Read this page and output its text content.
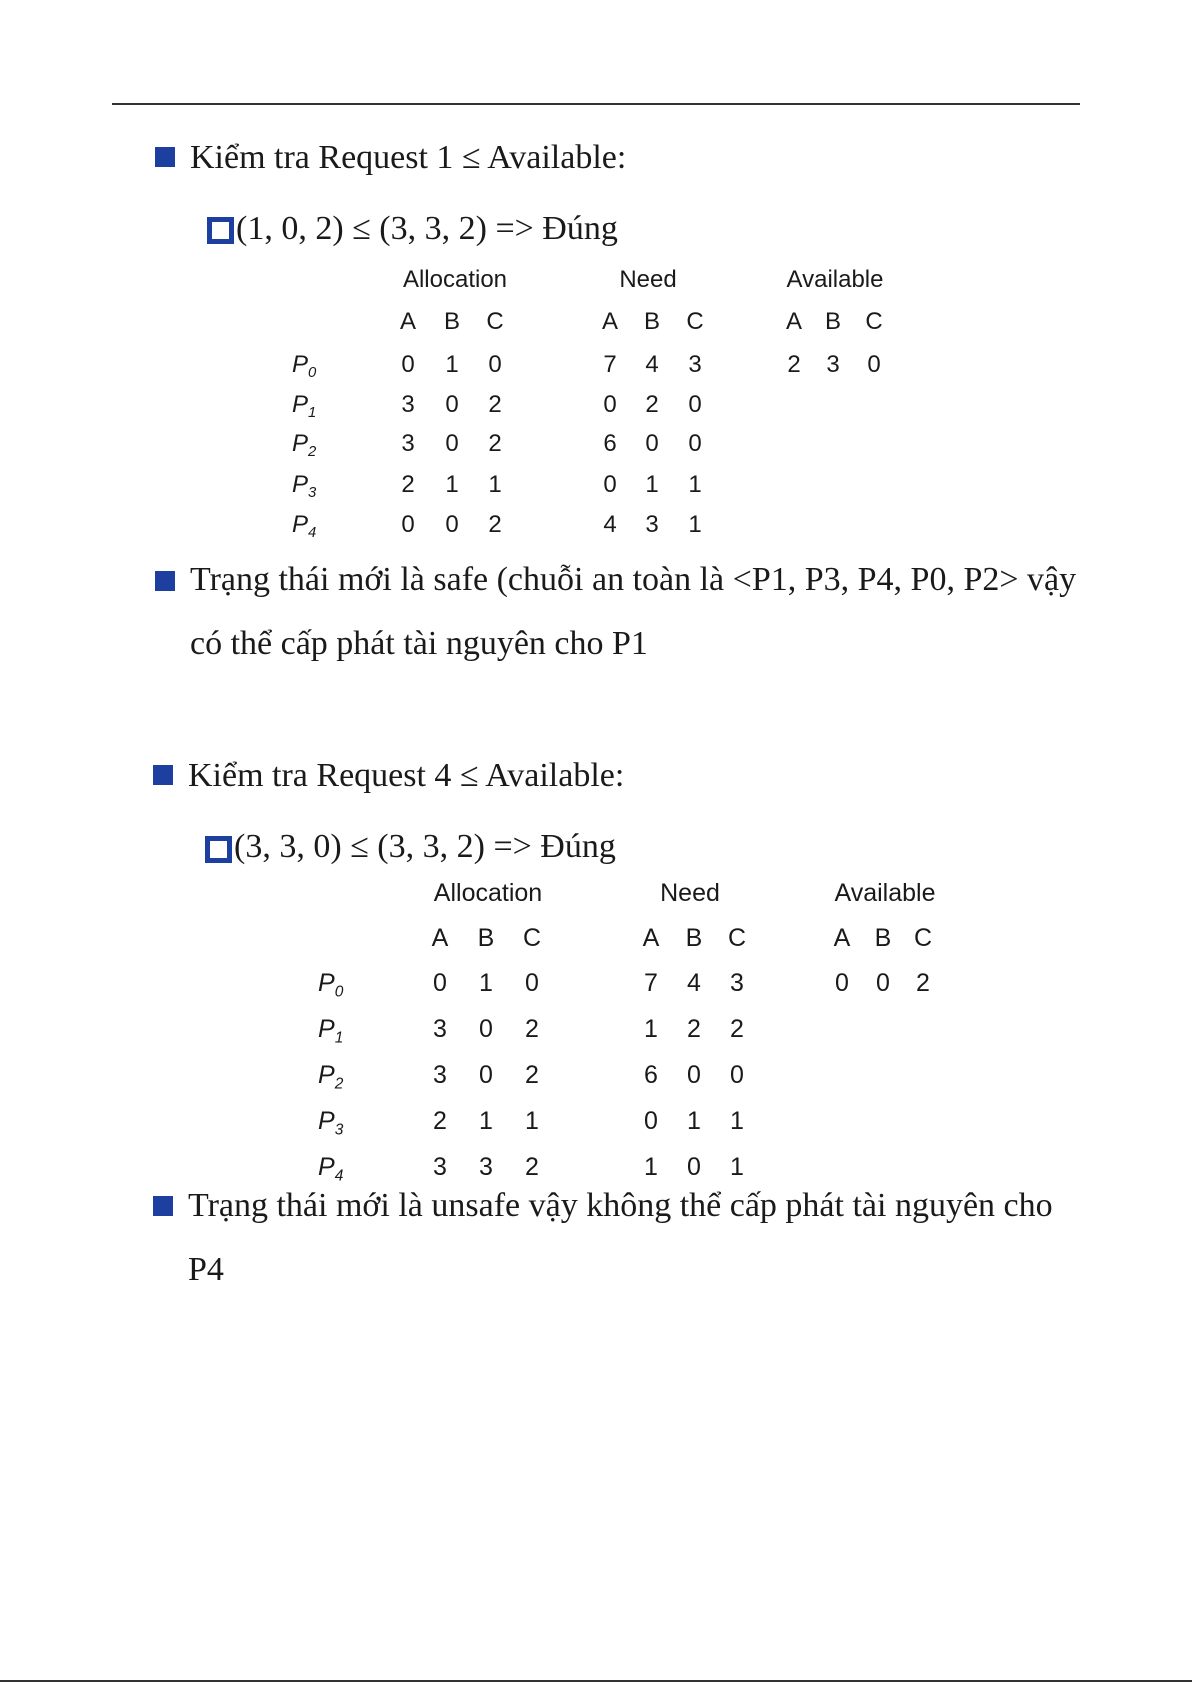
Kiểm tra Request 1 ≤ Available:
(1, 0, 2) ≤ (3, 3, 2) => Đúng
Allocation	Need	Available
A B C	A B C	A B C
$P_0$	0 1 0	7 4 3	2 3 0
$P_1$	3 0 2	0 2 0
$P_2$	3 0 2	6 0 0
$P_3$	2 1 1	0 1 1
$P_4$	0 0 2	4 3 1
Trạng thái mới là safe (chuỗi an toàn là <P1, P3, P4, P0, P2> vậy
có thể cấp phát tài nguyên cho P1
Kiểm tra Request 4 ≤ Available:
(3, 3, 0) ≤ (3, 3, 2) => Đúng
Allocation	Need	Available
A B C	A B C	A B C
$P_0$	0 1 0	7 4 3	0 0 2
$P_1$	3 0 2	1 2 2
$P_2$	3 0 2	6 0 0
$P_3$	2 1 1	0 1 1
$P_4$	3 3 2	1 0 1
Trạng thái mới là unsafe vậy không thể cấp phát tài nguyên cho
P4
